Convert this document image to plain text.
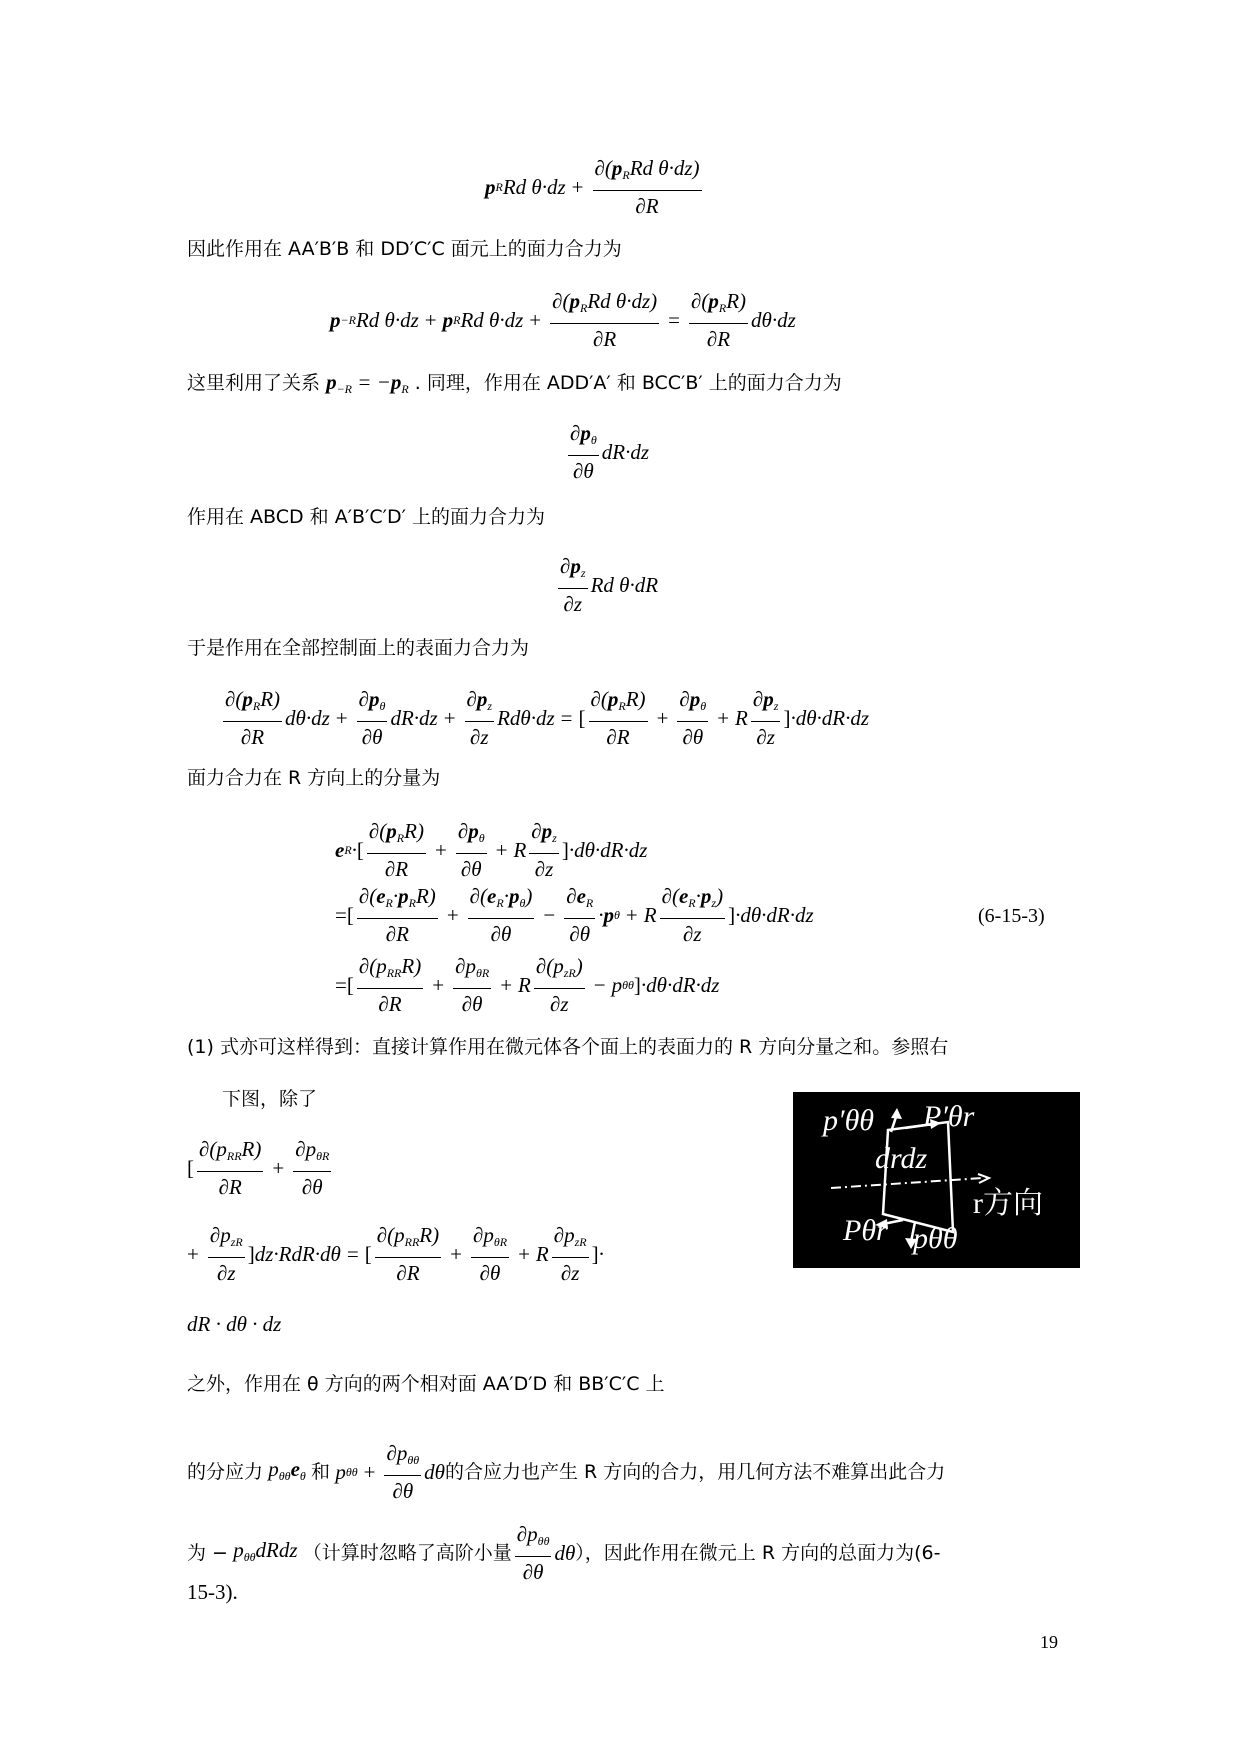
p R Rd
$\theta\cdot dz + \frac{\partial(p_RRd \theta\cdot dz)}{\partial R}$
因此作用在 AA′B′B 和 DD′C′C 面元上的面力合力为
p −R Rd θ·dz + p R Rd $\theta\cdot dz + \frac{\partial(p_RRd \theta\cdot dz)}{\partial R} = \frac{\partial(p_RR)}{\partial R} d\theta\cdot dz$
这里利用了关系 $p_{-R} = -p_R$ . 同理，作用在 ADD′A′ 和 BCC′B′ 上的面力合力为
$\frac{\partial p_\theta}{\partial\theta} dR\cdot dz$
作用在 ABCD 和 A′B′C′D′ 上的面力合力为
$\frac{\partial p_z}{\partial z}$ Rd θ·dR
于是作用在全部控制面上的表面力合力为
$\frac{\partial(p_RR)}{\partial R} d\theta\cdot dz + \frac{\partial p_\theta}{\partial\theta} dR\cdot dz + \frac{\partial p_z}{\partial z} Rd\theta\cdot dz$ = [ $\frac{\partial(p_RR)}{\partial R} + \frac{\partial p_\theta}{\partial\theta} + R \frac{\partial p_z}{\partial z}$ ] ·dθ·dR·dz
面力合力在 R 方向上的分量为
e R · [ $\frac{\partial(p_RR)}{\partial R} + \frac{\partial p_\theta}{\partial\theta} + R \frac{\partial p_z}{\partial z}$ ] ·dθ·dR·dz
=[ $\frac{\partial(e_R\cdot p_RR)}{\partial R} + \frac{\partial(e_R\cdot p_\theta)}{\partial\theta} - \frac{\partial e_R}{\partial\theta} \cdot p$ θ + R $\frac{\partial(e_R\cdot p_z)}{\partial z}$ ] ·dθ·dR·dz	(6-15-3)
=[ $\frac{\partial(p_{RR}R)}{\partial R} + \frac{\partial p_{\theta R}}{\partial\theta} + R \frac{\partial(p_{zR})}{\partial z} - p$ θθ ] ·dθ·dR·dz
(1) 式亦可这样得到：直接计算作用在微元体各个面上的表面力的 R 方向分量之和。参照右
下图，除了
[ $\frac{\partial(p_{RR}R)}{\partial R} + \frac{\partial p_{\theta R}}{\partial\theta}$
+ $\frac{\partial p_{zR}}{\partial z}$ ] dz·RdR·dθ = [ $\frac{\partial(p_{RR}R)}{\partial R} + \frac{\partial p_{\theta R}}{\partial\theta} + R \frac{\partial p_{zR}}{\partial z}$ ] ·
dR · dθ · dz
p′θθ P′θr
drdz
r方向
Pθr pθθ
之外，作用在 θ 方向的两个相对面 AA′D′D 和 BB′C′C 上
的分应力 $p_{\theta\theta}e_\theta$ 和 p $\theta\theta + \frac{\partial p_{\theta\theta}}{\partial\theta}$ dθ 的合应力也产生 R 方向的合力，用几何方法不难算出此合力
为 − $p_{\theta\theta}dRdz$ （计算时忽略了高阶小量 $\frac{\partial p_{\theta\theta}}{\partial\theta}$ dθ ），因此作用在微元上 R 方向的总面力为(6-
15-3).
19
